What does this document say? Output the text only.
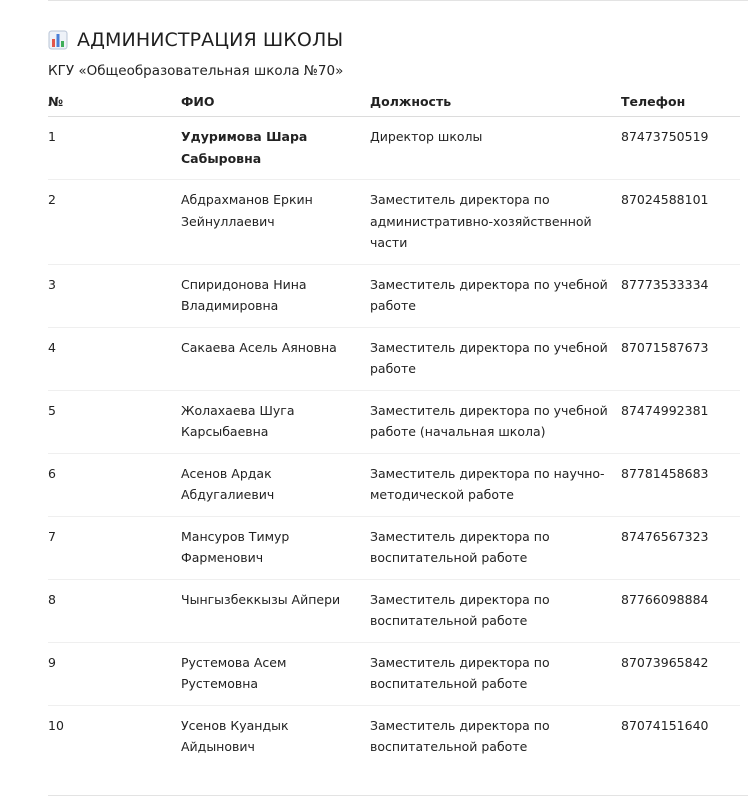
АДМИНИСТРАЦИЯ ШКОЛЫ
КГУ «Общеобразовательная школа №70»
№	ФИО	Должность	Телефон
1	Удуримова Шара Сабыровна	Директор школы	87473750519
2	Абдрахманов Еркин Зейнуллаевич	Заместитель директора по административно-хозяйственной части	87024588101
3	Спиридонова Нина Владимировна	Заместитель директора по учебной работе	87773533334
4	Сакаева Асель Аяновна	Заместитель директора по учебной работе	87071587673
5	Жолахаева Шуга Карсыбаевна	Заместитель директора по учебной работе (начальная школа)	87474992381
6	Асенов Ардак Абдугалиевич	Заместитель директора по научно-методической работе	87781458683
7	Мансуров Тимур Фарменович	Заместитель директора по воспитательной работе	87476567323
8	Чынгызбеккызы Айпери	Заместитель директора по воспитательной работе	87766098884
9	Рустемова Асем Рустемовна	Заместитель директора по воспитательной работе	87073965842
10	Усенов Куандык Айдынович	Заместитель директора по воспитательной работе	87074151640
